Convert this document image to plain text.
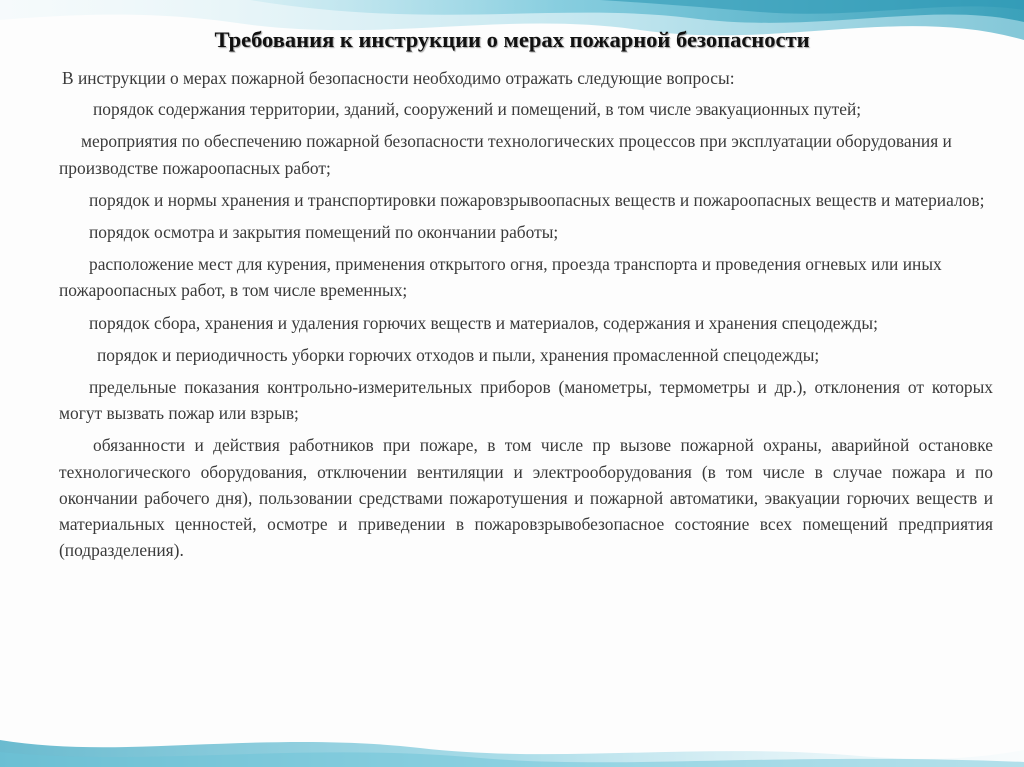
Требования к инструкции о мерах пожарной безопасности

В инструкции о мерах пожарной безопасности необходимо отражать следующие вопросы:

порядок содержания территории, зданий, сооружений и помещений, в том числе эвакуационных путей;

мероприятия по обеспечению пожарной безопасности технологических процессов при эксплуатации оборудования и производстве пожароопасных работ;

порядок и нормы хранения и транспортировки пожаровзрывоопасных веществ и пожароопасных веществ и материалов;

порядок осмотра и закрытия помещений по окончании работы;

расположение мест для курения, применения открытого огня, проезда транспорта и проведения огневых или иных пожароопасных работ, в том числе временных;

порядок сбора, хранения и удаления горючих веществ и материалов, содержания и хранения спецодежды;

порядок и периодичность уборки горючих отходов и пыли, хранения промасленной спецодежды;

предельные показания контрольно-измерительных приборов (манометры, термометры и др.), отклонения от которых могут вызвать пожар или взрыв;

обязанности и действия работников при пожаре, в том числе пр вызове пожарной охраны, аварийной остановке технологического оборудования, отключении вентиляции и электрооборудования (в том числе в случае пожара и по окончании рабочего дня), пользовании средствами пожаротушения и пожарной автоматики, эвакуации горючих веществ и материальных ценностей, осмотре и приведении в пожаровзрывобезопасное состояние всех помещений предприятия (подразделения).
